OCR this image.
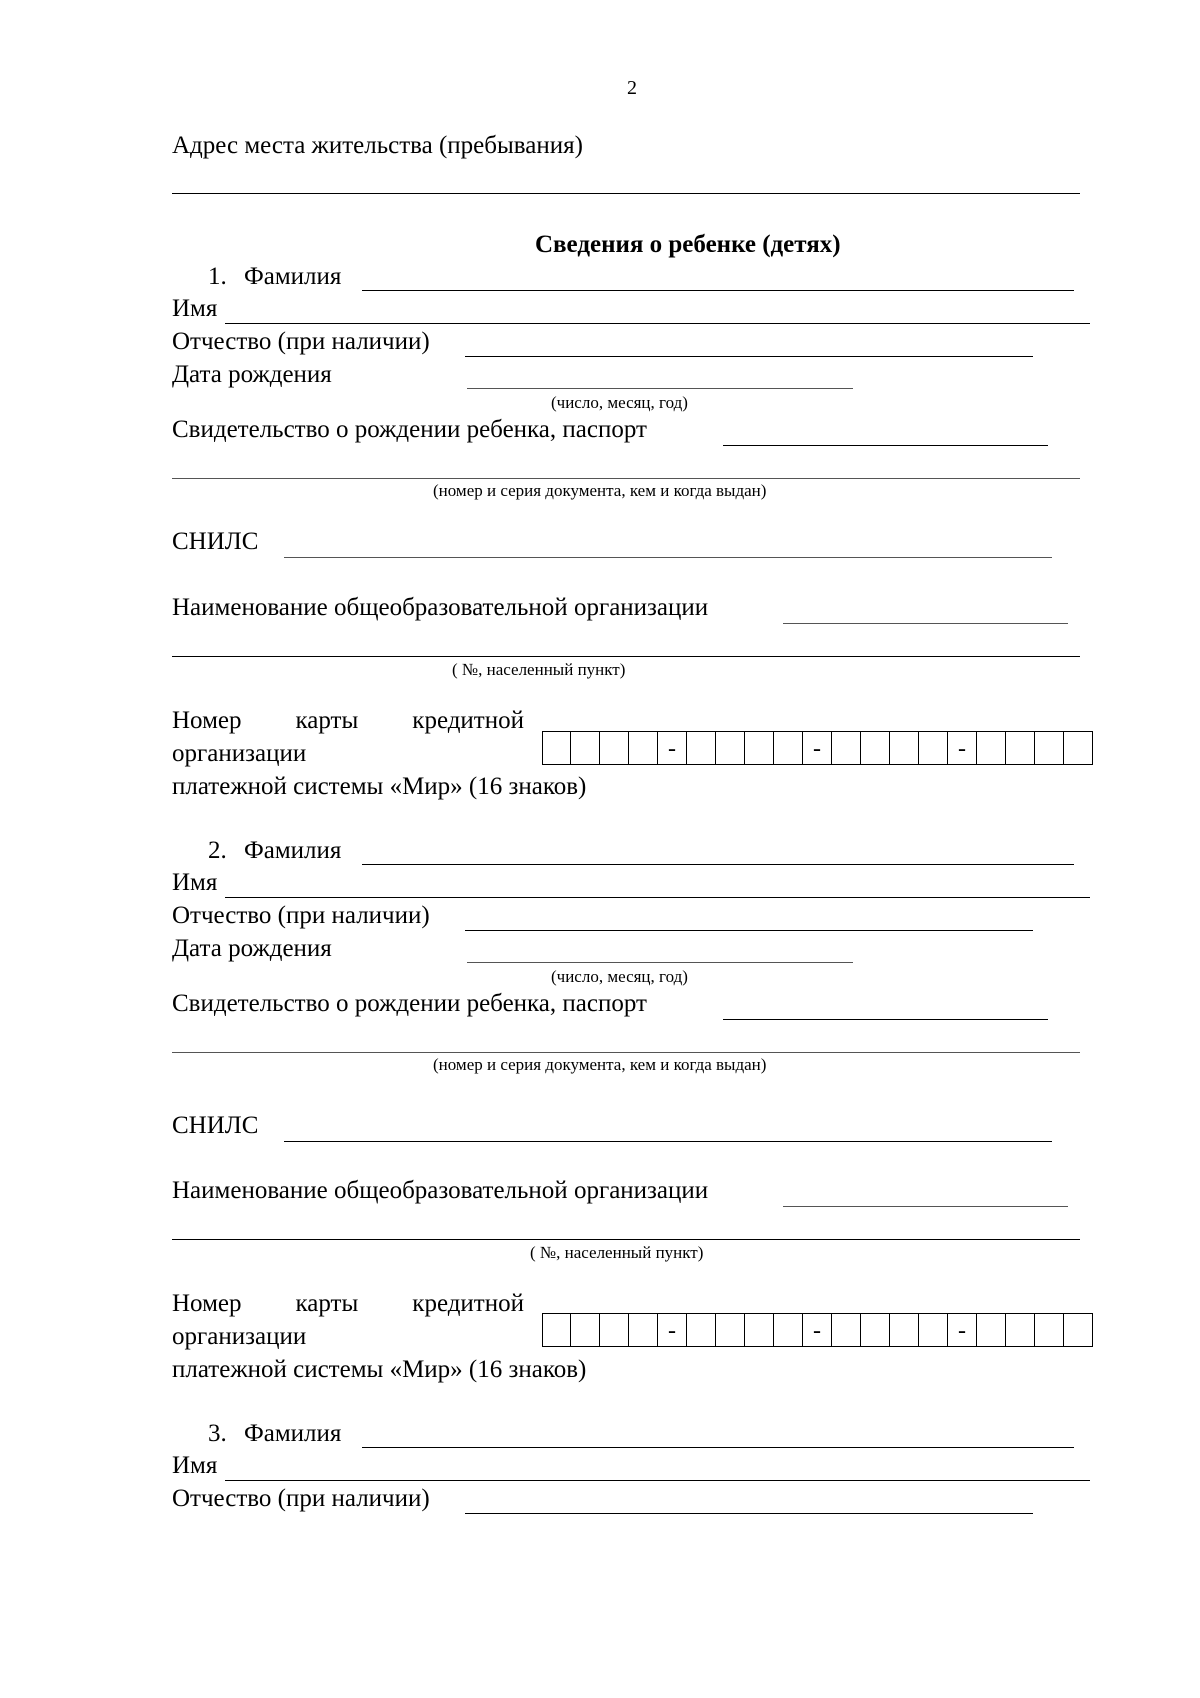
2
Адрес места жительства (пребывания)
Сведения о ребенке (детях)
1. Фамилия
Имя
Отчество (при наличии)
Дата рождения
(число, месяц, год)
Свидетельство о рождении ребенка, паспорт
(номер и серия документа, кем и когда выдан)
СНИЛС
Наименование общеобразовательной организации
( №, населенный пункт)
Номер карты кредитной
организации
платежной системы «Мир» (16 знаков)
-	-	-
2. Фамилия
Имя
Отчество (при наличии)
Дата рождения
(число, месяц, год)
Свидетельство о рождении ребенка, паспорт
(номер и серия документа, кем и когда выдан)
СНИЛС
Наименование общеобразовательной организации
( №, населенный пункт)
Номер карты кредитной
организации
платежной системы «Мир» (16 знаков)
-	-	-
3. Фамилия
Имя
Отчество (при наличии)
